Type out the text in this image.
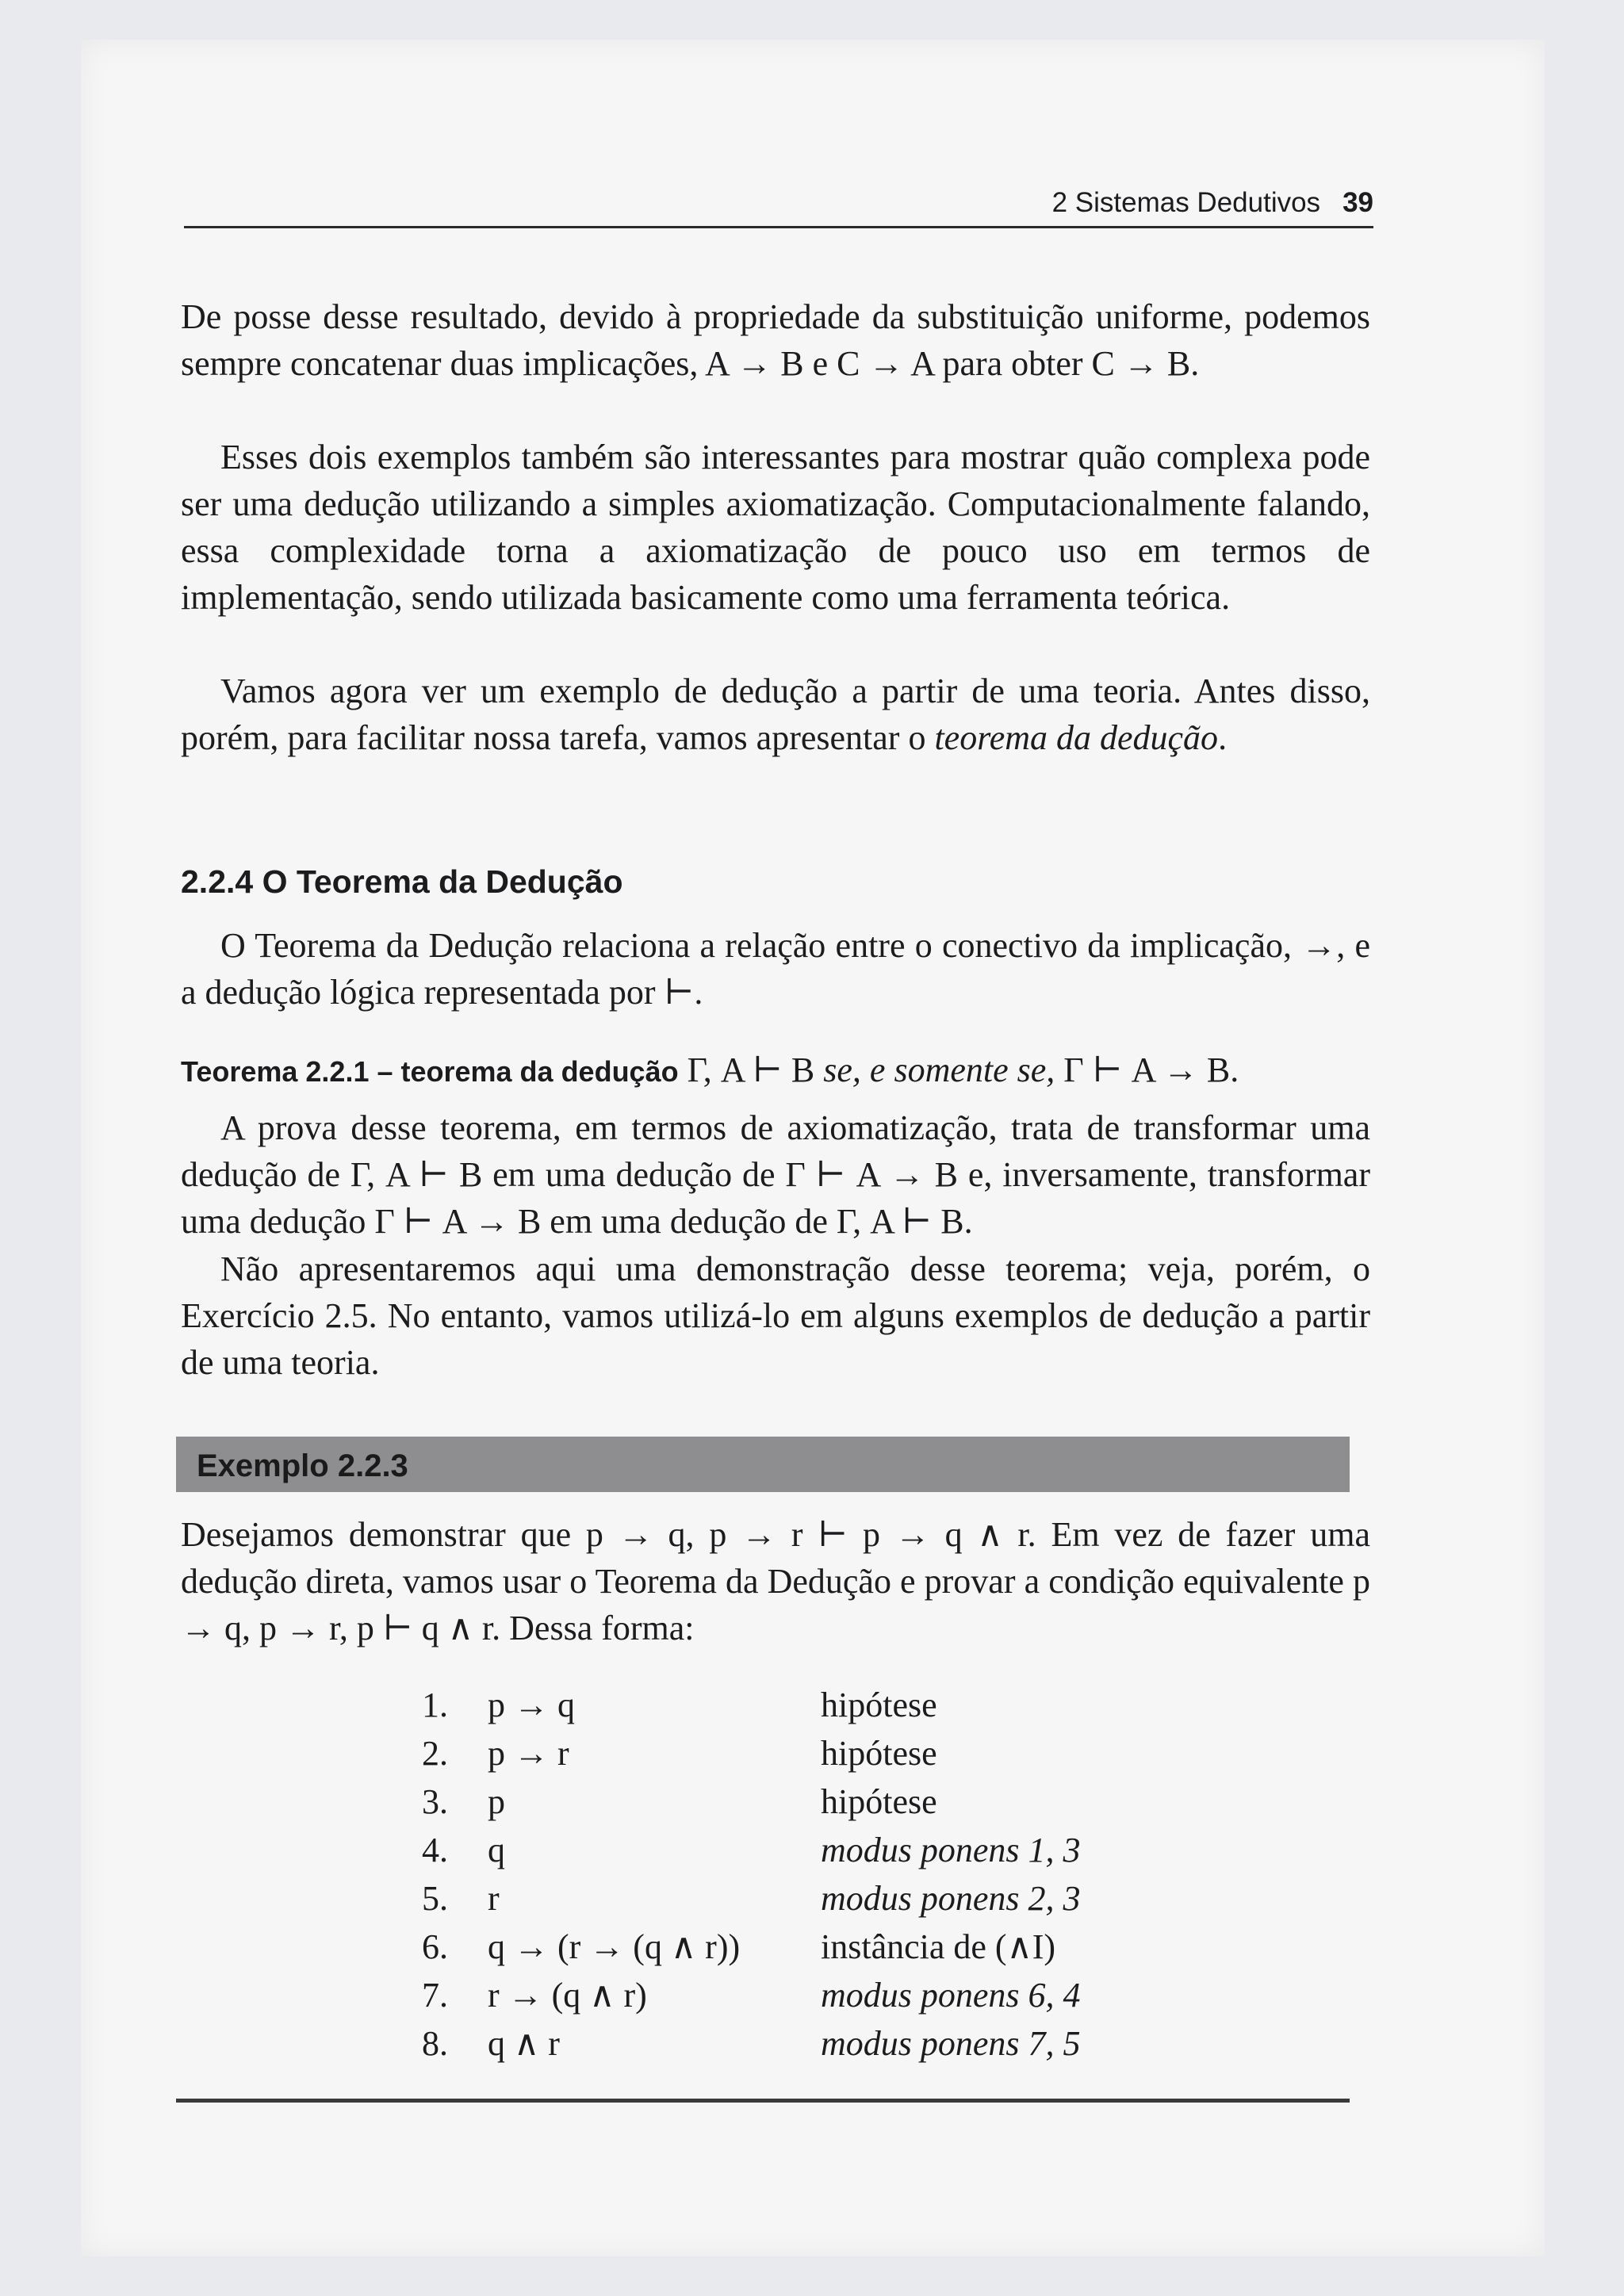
2 Sistemas Dedutivos 39

De posse desse resultado, devido à propriedade da substituição uniforme, podemos sempre concatenar duas implicações, A → B e C → A para obter C → B.

Esses dois exemplos também são interessantes para mostrar quão complexa pode ser uma dedução utilizando a simples axiomatização. Computacionalmente falando, essa complexidade torna a axiomatização de pouco uso em termos de implementação, sendo utilizada basicamente como uma ferramenta teórica.

Vamos agora ver um exemplo de dedução a partir de uma teoria. Antes disso, porém, para facilitar nossa tarefa, vamos apresentar o teorema da dedução.

2.2.4 O Teorema da Dedução

O Teorema da Dedução relaciona a relação entre o conectivo da implicação, →, e a dedução lógica representada por ⊢.

Teorema 2.2.1 – teorema da dedução Γ, A ⊢ B se, e somente se, Γ ⊢ A → B.

A prova desse teorema, em termos de axiomatização, trata de transformar uma dedução de Γ, A ⊢ B em uma dedução de Γ ⊢ A → B e, inversamente, transformar uma dedução Γ ⊢ A → B em uma dedução de Γ, A ⊢ B.

Não apresentaremos aqui uma demonstração desse teorema; veja, porém, o Exercício 2.5. No entanto, vamos utilizá-lo em alguns exemplos de dedução a partir de uma teoria.

Exemplo 2.2.3

Desejamos demonstrar que p → q, p → r ⊢ p → q ∧ r. Em vez de fazer uma dedução direta, vamos usar o Teorema da Dedução e provar a condição equivalente p → q, p → r, p ⊢ q ∧ r. Dessa forma:

1. p → q	hipótese
2. p → r	hipótese
3. p	hipótese
4. q	modus ponens 1, 3
5. r	modus ponens 2, 3
6. q → (r → (q ∧ r))	instância de (∧I)
7. r → (q ∧ r)	modus ponens 6, 4
8. q ∧ r	modus ponens 7, 5
